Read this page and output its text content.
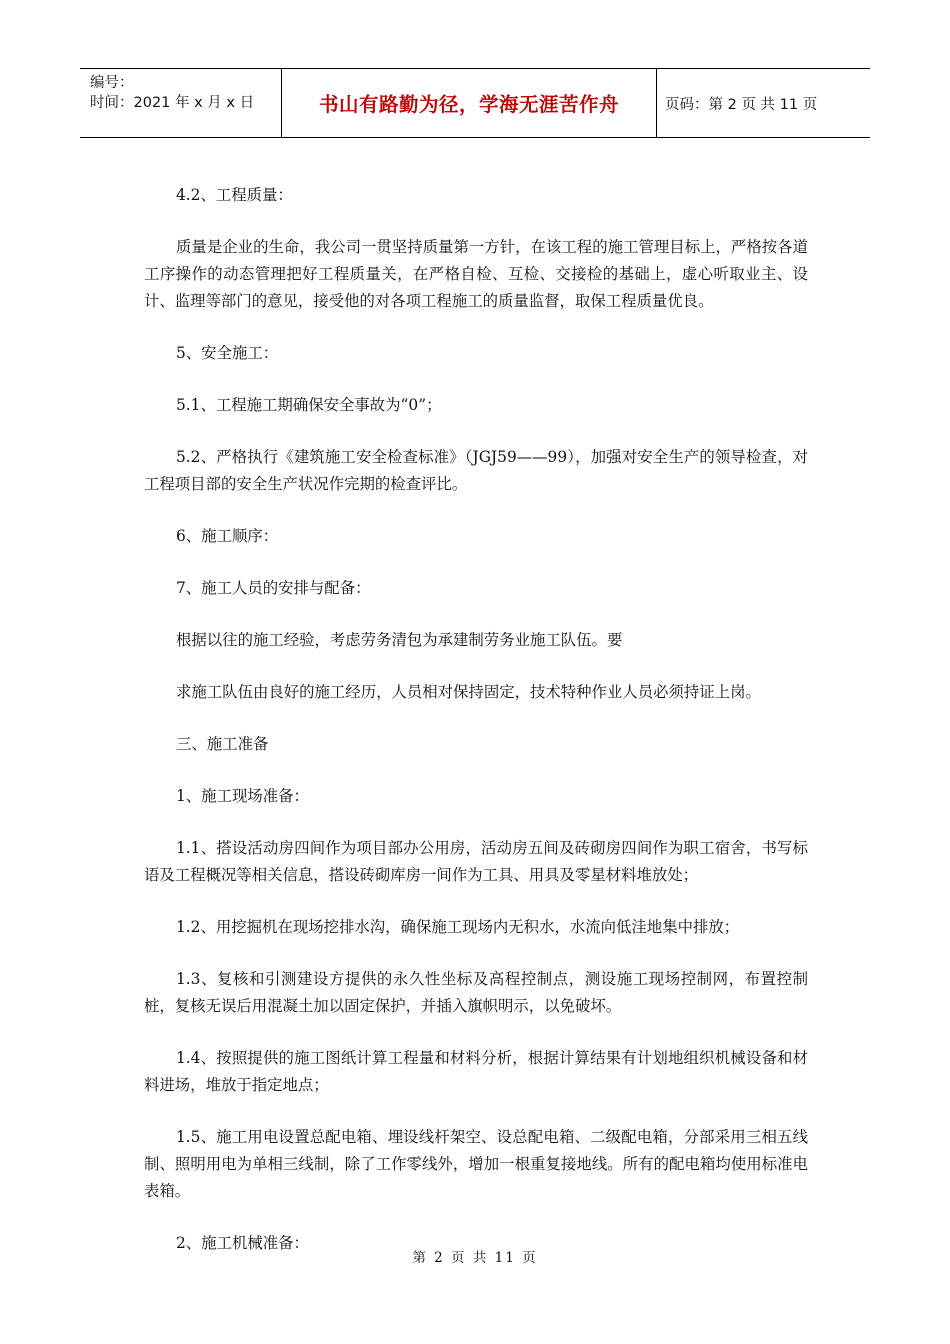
编号：
时间：2021 年 x 月 x 日	书山有路勤为径，学海无涯苦作舟	页码：第 2 页 共 11 页

4.2、工程质量：

质量是企业的生命，我公司一贯坚持质量第一方针，在该工程的施工管理目标上，严格按各道工序操作的动态管理把好工程质量关，在严格自检、互检、交接检的基础上，虚心听取业主、设计、监理等部门的意见，接受他的对各项工程施工的质量监督，取保工程质量优良。

5、安全施工：

5.1、工程施工期确保安全事故为“0”；

5.2、严格执行《建筑施工安全检查标准》（JGJ59——99），加强对安全生产的领导检查，对工程项目部的安全生产状况作完期的检查评比。

6、施工顺序：

7、施工人员的安排与配备：

根据以往的施工经验，考虑劳务清包为承建制劳务业施工队伍。要

求施工队伍由良好的施工经历，人员相对保持固定，技术特种作业人员必须持证上岗。

三、施工准备

1、施工现场准备：

1.1、搭设活动房四间作为项目部办公用房，活动房五间及砖砌房四间作为职工宿舍，书写标语及工程概况等相关信息，搭设砖砌库房一间作为工具、用具及零星材料堆放处；

1.2、用挖掘机在现场挖排水沟，确保施工现场内无积水，水流向低洼地集中排放；

1.3、复核和引测建设方提供的永久性坐标及高程控制点，测设施工现场控制网，布置控制桩，复核无误后用混凝土加以固定保护，并插入旗帜明示，以免破坏。

1.4、按照提供的施工图纸计算工程量和材料分析，根据计算结果有计划地组织机械设备和材料进场，堆放于指定地点；

1.5、施工用电设置总配电箱、埋设线杆架空、设总配电箱、二级配电箱，分部采用三相五线制、照明用电为单相三线制，除了工作零线外，增加一根重复接地线。所有的配电箱均使用标准电表箱。

2、施工机械准备：

第 2 页 共 11 页
